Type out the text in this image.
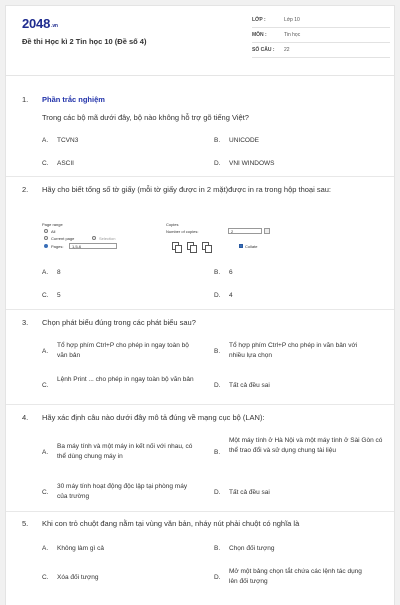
2048.vn
Đề thi Học kì 2 Tin học 10 (Đề số 4)
LỚP :	Lớp 10
MÔN :	Tin học
SỐ CÂU :	22
1. Phần trắc nghiệm
Trong các bộ mã dưới đây, bộ nào không hỗ trợ gõ tiếng Việt?
A. TCVN3	B. UNICODE
C. ASCII	D. VNI WINDOWS
2. Hãy cho biết tổng số tờ giấy (mỗi tờ giấy được in 2 mặt)được in ra trong hộp thoại sau:
Page range
All
Current page	Selection
Pages:	1,5-6
Copies
Number of copies:	2
Collate
A. 8	B. 6
C. 5	D. 4
3. Chọn phát biểu đúng trong các phát biểu sau?
A.
Tổ hợp phím Ctrl+P cho phép in ngay toàn bộ văn bản
B.
Tổ hợp phím Ctrl+P cho phép in văn bản với nhiều lựa chọn
C.
Lệnh Print ... cho phép in ngay toàn bộ văn bản
D. Tất cả đều sai
4. Hãy xác định câu nào dưới đây mô tả đúng về mạng cục bộ (LAN):
A.
Ba máy tính và một máy in kết nối với nhau, có thể dùng chung máy in
B.
Một máy tính ở Hà Nội và một máy tính ở Sài Gòn có thể trao đổi và sử dụng chung tài liệu
C.
30 máy tính hoạt động độc lập tại phòng máy của trường
D. Tất cả đều sai
5. Khi con trỏ chuột đang nằm tại vùng văn bản, nháy nút phải chuột có nghĩa là
A. Không làm gì cả	B. Chọn đối tượng
C. Xóa đối tượng	D.
Mở một bảng chọn tắt chứa các lệnh tác dụng lên đối tượng
